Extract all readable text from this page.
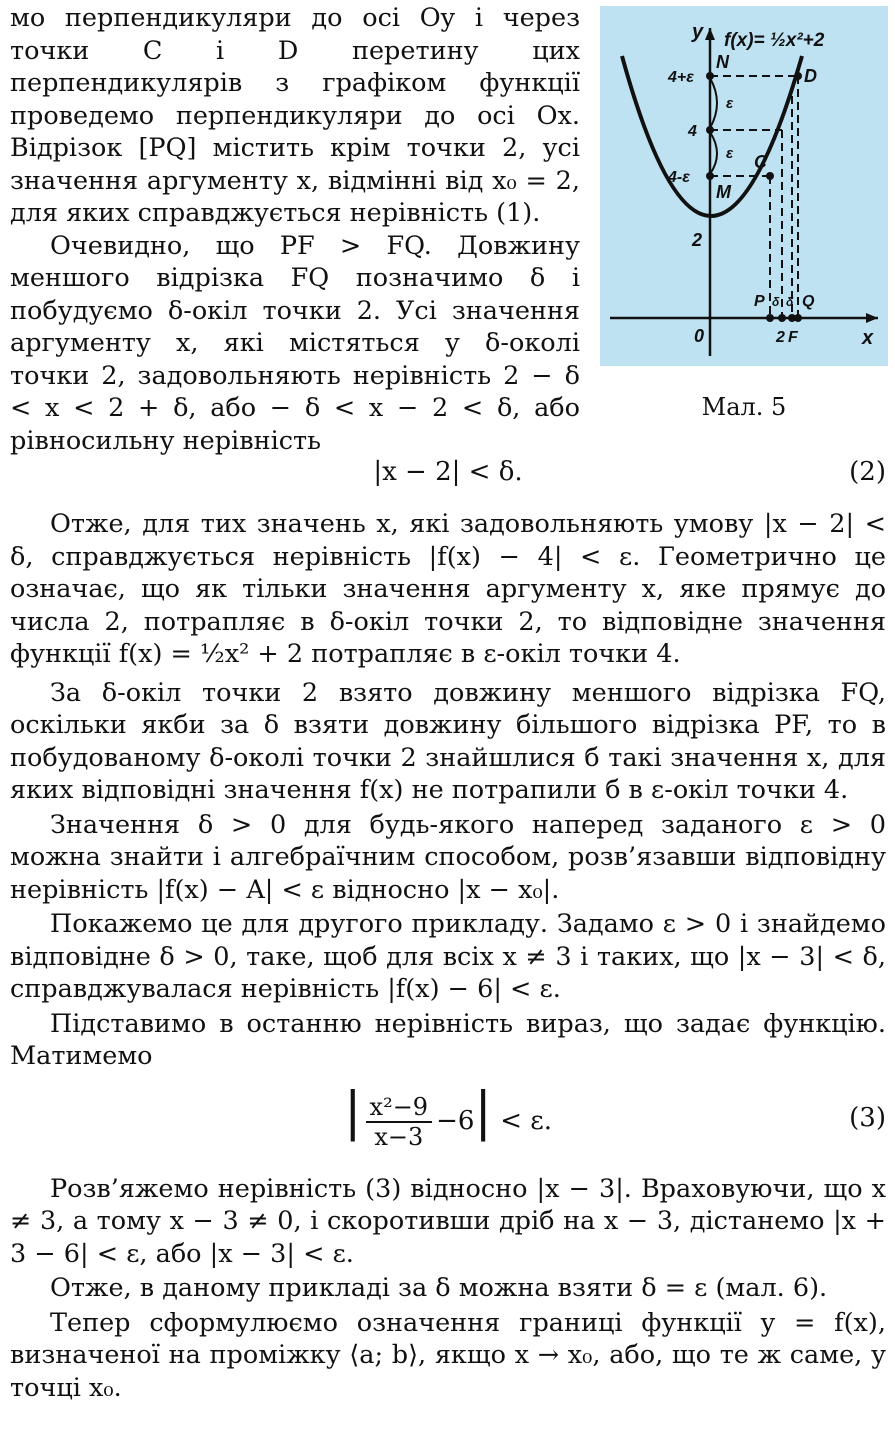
мо перпендикуляри до осі Oy і через точки C і D перетину цих перпендикулярів з графіком функції проведемо перпендикуляри до осі Ox. Відрізок [PQ] містить крім точки 2, усі значення аргументу x, відмінні від x₀ = 2, для яких справджується нерівність (1).

Очевидно, що PF > FQ. Довжину меншого відрізка FQ позначимо δ і побудуємо δ-окіл точки 2. Усі значення аргументу x, які містяться у δ-околі точки 2, задовольняють нерівність 2 − δ < x < 2 + δ, або − δ < x − 2 < δ, або рівносильну нерівність

y f(x)= ½x²+2
x
0
4+ε
4
4-ε
2
N
D
C
M
P Q
F
2
δ δ
ε
ε
Мал. 5
|x − 2| < δ.	(2)

Отже, для тих значень x, які задовольняють умову |x − 2| < δ, справджується нерівність |f(x) − 4| < ε. Геометрично це означає, що як тільки значення аргументу x, яке прямує до числа 2, потрапляє в δ-окіл точки 2, то відповідне значення функції f(x) = ½x² + 2 потрапляє в ε-окіл точки 4.

За δ-окіл точки 2 взято довжину меншого відрізка FQ, оскільки якби за δ взяти довжину більшого відрізка PF, то в побудованому δ-околі точки 2 знайшлися б такі значення x, для яких відповідні значення f(x) не потрапили б в ε-окіл точки 4.

Значення δ > 0 для будь-якого наперед заданого ε > 0 можна знайти і алгебраїчним способом, розв’язавши відповідну нерівність |f(x) − A| < ε відносно |x − x₀|.

Покажемо це для другого прикладу. Задамо ε > 0 і знайдемо відповідне δ > 0, таке, щоб для всіх x ≠ 3 і таких, що |x − 3| < δ, справджувалася нерівність |f(x) − 6| < ε.

Підставимо в останню нерівність вираз, що задає функцію. Матимемо

| $\frac{\text{x²−9}}{x-3} -6| < \varepsilon$.	(3)

Розв’яжемо нерівність (3) відносно |x − 3|. Враховуючи, що x ≠ 3, а тому x − 3 ≠ 0, і скоротивши дріб на x − 3, дістанемо |x + 3 − 6| < ε, або |x − 3| < ε.

Отже, в даному прикладі за δ можна взяти δ = ε (мал. 6).

Тепер сформулюємо означення границі функції y = f(x), визначеної на проміжку ⟨a; b⟩, якщо x → x₀, або, що те ж саме, у точці x₀.
